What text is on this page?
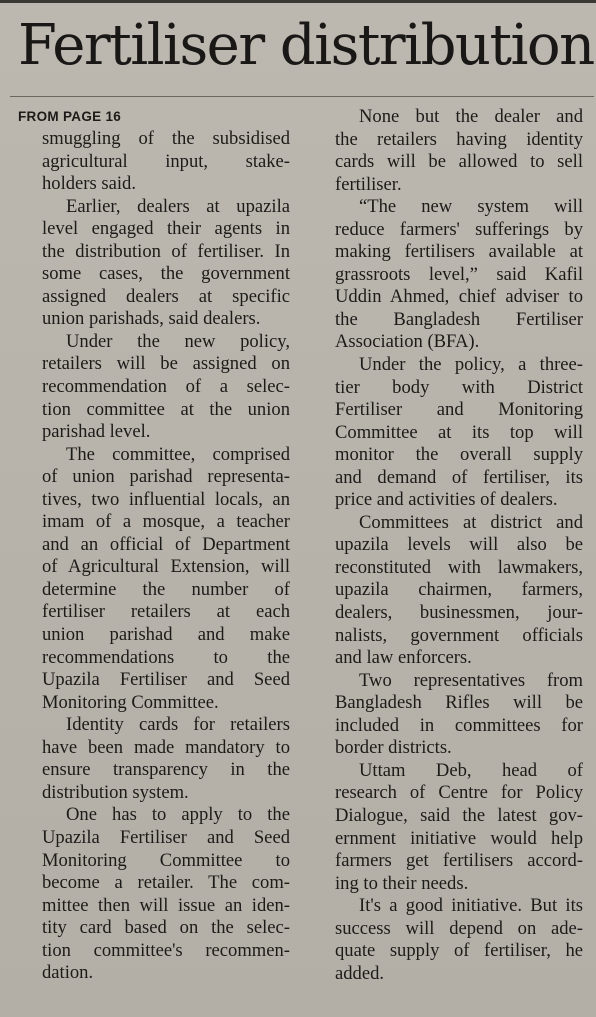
Fertiliser distribution
FROM PAGE 16

smuggling of the subsidised
agricultural input, stake-
holders said.

Earlier, dealers at upazila
level engaged their agents in
the distribution of fertiliser. In
some cases, the government
assigned dealers at specific
union parishads, said dealers.

Under the new policy,
retailers will be assigned on
recommendation of a selec-
tion committee at the union
parishad level.

The committee, comprised
of union parishad representa-
tives, two influential locals, an
imam of a mosque, a teacher
and an official of Department
of Agricultural Extension, will
determine the number of
fertiliser retailers at each
union parishad and make
recommendations to the
Upazila Fertiliser and Seed
Monitoring Committee.

Identity cards for retailers
have been made mandatory to
ensure transparency in the
distribution system.

One has to apply to the
Upazila Fertiliser and Seed
Monitoring Committee to
become a retailer. The com-
mittee then will issue an iden-
tity card based on the selec-
tion committee's recommen-
dation.

None but the dealer and
the retailers having identity
cards will be allowed to sell
fertiliser.

“The new system will
reduce farmers' sufferings by
making fertilisers available at
grassroots level,” said Kafil
Uddin Ahmed, chief adviser to
the Bangladesh Fertiliser
Association (BFA).

Under the policy, a three-
tier body with District
Fertiliser and Monitoring
Committee at its top will
monitor the overall supply
and demand of fertiliser, its
price and activities of dealers.

Committees at district and
upazila levels will also be
reconstituted with lawmakers,
upazila chairmen, farmers,
dealers, businessmen, jour-
nalists, government officials
and law enforcers.

Two representatives from
Bangladesh Rifles will be
included in committees for
border districts.

Uttam Deb, head of
research of Centre for Policy
Dialogue, said the latest gov-
ernment initiative would help
farmers get fertilisers accord-
ing to their needs.

It's a good initiative. But its
success will depend on ade-
quate supply of fertiliser, he
added.
